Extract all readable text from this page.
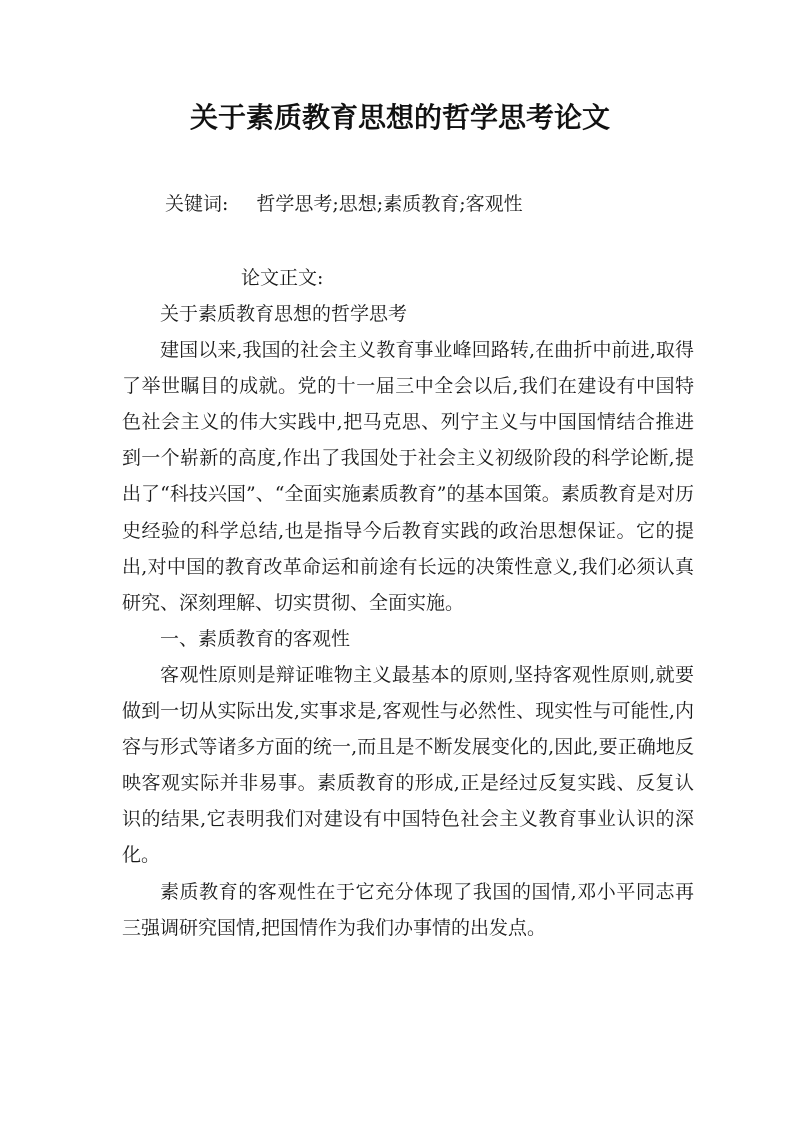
关于素质教育思想的哲学思考论文
关键词: 哲学思考;思想;素质教育;客观性
论文正文:

关于素质教育思想的哲学思考

建国以来,我国的社会主义教育事业峰回路转,在曲折中前进,取得了举世瞩目的成就。党的十一届三中全会以后,我们在建设有中国特色社会主义的伟大实践中,把马克思、列宁主义与中国国情结合推进到一个崭新的高度,作出了我国处于社会主义初级阶段的科学论断,提出了“科技兴国”、“全面实施素质教育”的基本国策。素质教育是对历史经验的科学总结,也是指导今后教育实践的政治思想保证。它的提出,对中国的教育改革命运和前途有长远的决策性意义,我们必须认真研究、深刻理解、切实贯彻、全面实施。

一、素质教育的客观性

客观性原则是辩证唯物主义最基本的原则,坚持客观性原则,就要做到一切从实际出发,实事求是,客观性与必然性、现实性与可能性,内容与形式等诸多方面的统一,而且是不断发展变化的,因此,要正确地反映客观实际并非易事。素质教育的形成,正是经过反复实践、反复认识的结果,它表明我们对建设有中国特色社会主义教育事业认识的深化。

素质教育的客观性在于它充分体现了我国的国情,邓小平同志再三强调研究国情,把国情作为我们办事情的出发点。
